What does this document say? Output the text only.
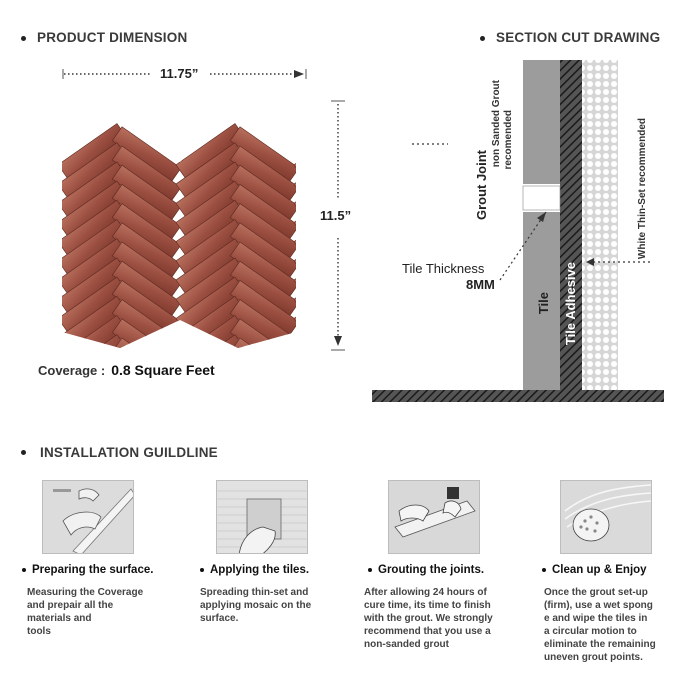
PRODUCT DIMENSION
11.75”
11.5”
Coverage : 0.8 Square Feet
SECTION CUT DRAWING
Grout Joint
non Sanded Grout recomended
Tile Thickness
8MM
Tile Tile Adhesive
White Thin-Set recommended
INSTALLATION GUILDLINE
Preparing the surface.
Measuring the Coverage
and prepair all the
materials and
tools
Applying the tiles.
Spreading thin-set and
applying mosaic on the
surface.
Grouting the joints.
After allowing 24 hours of
cure time, its time to finish
with the grout. We strongly
recommend that you use a
non-sanded grout
Clean up & Enjoy
Once the grout set-up
(firm), use a wet spong
e and wipe the tiles in
a circular motion to
eliminate the remaining
uneven grout points.
